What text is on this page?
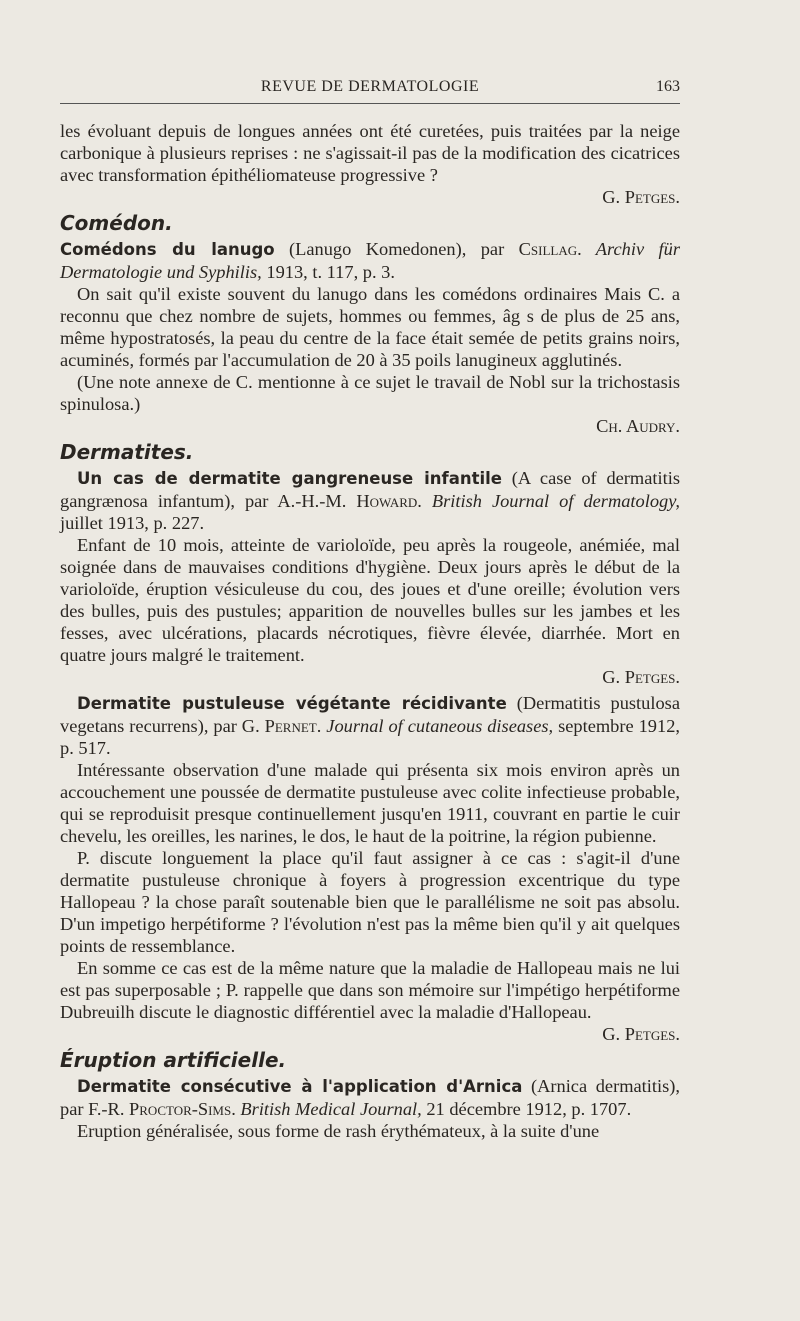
REVUE DE DERMATOLOGIE	163

les évoluant depuis de longues années ont été curetées, puis traitées par la neige carbonique à plusieurs reprises : ne s'agissait-il pas de la modification des cicatrices avec transformation épithéliomateuse progressive ?

G. Petges.

Comédon.

Comédons du lanugo (Lanugo Komedonen), par Csillag. Archiv für Dermatologie und Syphilis, 1913, t. 117, p. 3.

On sait qu'il existe souvent du lanugo dans les comédons ordinaires Mais C. a reconnu que chez nombre de sujets, hommes ou femmes, âg s de plus de 25 ans, même hypostratosés, la peau du centre de la face était semée de petits grains noirs, acuminés, formés par l'accumulation de 20 à 35 poils lanugineux agglutinés.

(Une note annexe de C. mentionne à ce sujet le travail de Nobl sur la trichostasis spinulosa.)

Ch. Audry.

Dermatites.

Un cas de dermatite gangreneuse infantile (A case of dermatitis gangrænosa infantum), par A.-H.-M. Howard. British Journal of dermatology, juillet 1913, p. 227.

Enfant de 10 mois, atteinte de varioloïde, peu après la rougeole, anémiée, mal soignée dans de mauvaises conditions d'hygiène. Deux jours après le début de la varioloïde, éruption vésiculeuse du cou, des joues et d'une oreille; évolution vers des bulles, puis des pustules; apparition de nouvelles bulles sur les jambes et les fesses, avec ulcérations, placards nécrotiques, fièvre élevée, diarrhée. Mort en quatre jours malgré le traitement.

G. Petges.

Dermatite pustuleuse végétante récidivante (Dermatitis pustulosa vegetans recurrens), par G. Pernet. Journal of cutaneous diseases, septembre 1912, p. 517.

Intéressante observation d'une malade qui présenta six mois environ après un accouchement une poussée de dermatite pustuleuse avec colite infectieuse probable, qui se reproduisit presque continuellement jusqu'en 1911, couvrant en partie le cuir chevelu, les oreilles, les narines, le dos, le haut de la poitrine, la région pubienne.

P. discute longuement la place qu'il faut assigner à ce cas : s'agit-il d'une dermatite pustuleuse chronique à foyers à progression excentrique du type Hallopeau ? la chose paraît soutenable bien que le parallélisme ne soit pas absolu. D'un impetigo herpétiforme ? l'évolution n'est pas la même bien qu'il y ait quelques points de ressemblance.

En somme ce cas est de la même nature que la maladie de Hallopeau mais ne lui est pas superposable ; P. rappelle que dans son mémoire sur l'impétigo herpétiforme Dubreuilh discute le diagnostic différentiel avec la maladie d'Hallopeau.

G. Petges.

Éruption artificielle.

Dermatite consécutive à l'application d'Arnica (Arnica dermatitis), par F.-R. Proctor-Sims. British Medical Journal, 21 décembre 1912, p. 1707.

Eruption généralisée, sous forme de rash érythémateux, à la suite d'une
